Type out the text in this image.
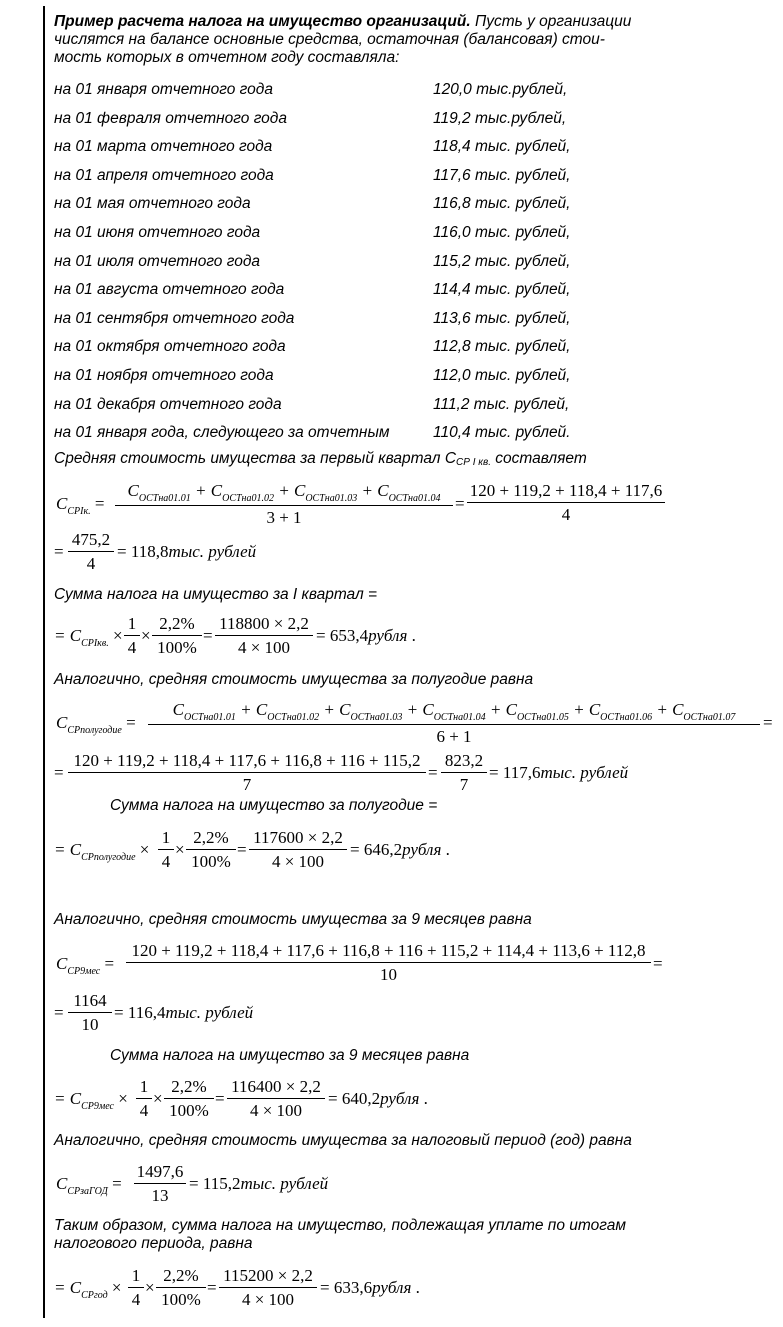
Пример расчета налога на имущество организаций. Пусть у организации
числятся на балансе основные средства, остаточная (балансовая) стои-
мость которых в отчетном году составляла:
на 01 января отчетного года	120,0 тыс.рублей,
на 01 февраля отчетного года	119,2 тыс.рублей,
на 01 марта отчетного года	118,4 тыс. рублей,
на 01 апреля отчетного года	117,6 тыс. рублей,
на 01 мая отчетного года	116,8 тыс. рублей,
на 01 июня отчетного года	116,0 тыс. рублей,
на 01 июля отчетного года	115,2 тыс. рублей,
на 01 августа отчетного года	114,4 тыс. рублей,
на 01 сентября отчетного года	113,6 тыс. рублей,
на 01 октября отчетного года	112,8 тыс. рублей,
на 01 ноября отчетного года	112,0 тыс. рублей,
на 01 декабря отчетного года	111,2 тыс. рублей,
на 01 января года, следующего за отчетным	110,4 тыс. рублей.
Средняя стоимость имущества за первый квартал ССР I кв. составляет
$C_{CPIк.}$ =
$C_{OCTна01.01} + C_{OCTна01.02} + C_{OCTна01.03} + C_{OCTна01.04}$
3 + 1
=
120 + 119,2 + 118,4 + 117,6
4
=
475,2
4
= 118,8тыс. рублей
Сумма налога на имущество за I квартал =
= $C_{CPIкв.}$ ×
1
4
×
2,2%
100%
=
118800 × 2,2
4 × 100
= 653,4рубля .
Аналогично, средняя стоимость имущества за полугодие равна
$C_{CPполугодие}$ =
$C_{OCTна01.01} + C_{OCTна01.02} + C_{OCTна01.03} + C_{OCTна01.04} + C_{OCTна01.05} + C_{OCTна01.06} + C_{OCTна01.07}$
6 + 1
=
=
120 + 119,2 + 118,4 + 117,6 + 116,8 + 116 + 115,2
7
=
823,2
7
= 117,6тыс. рублей
Сумма налога на имущество за полугодие =
= $C_{CPполугодие}$ ×
1
4
×
2,2%
100%
=
117600 × 2,2
4 × 100
= 646,2рубля .
Аналогично, средняя стоимость имущества за 9 месяцев равна
$C_{CP9мес}$ =
120 + 119,2 + 118,4 + 117,6 + 116,8 + 116 + 115,2 + 114,4 + 113,6 + 112,8
10
=
=
1164
10
= 116,4тыс. рублей
Сумма налога на имущество за 9 месяцев равна
= $C_{CP9мес}$ ×
1
4
×
2,2%
100%
=
116400 × 2,2
4 × 100
= 640,2рубля .
Аналогично, средняя стоимость имущества за налоговый период (год) равна
$C_{CPзаГОД}$ =
1497,6
13
= 115,2тыс. рублей
Таким образом, сумма налога на имущество, подлежащая уплате по итогам
налогового периода, равна
= $C_{CPгод}$ ×
1
4
×
2,2%
100%
=
115200 × 2,2
4 × 100
= 633,6рубля .
